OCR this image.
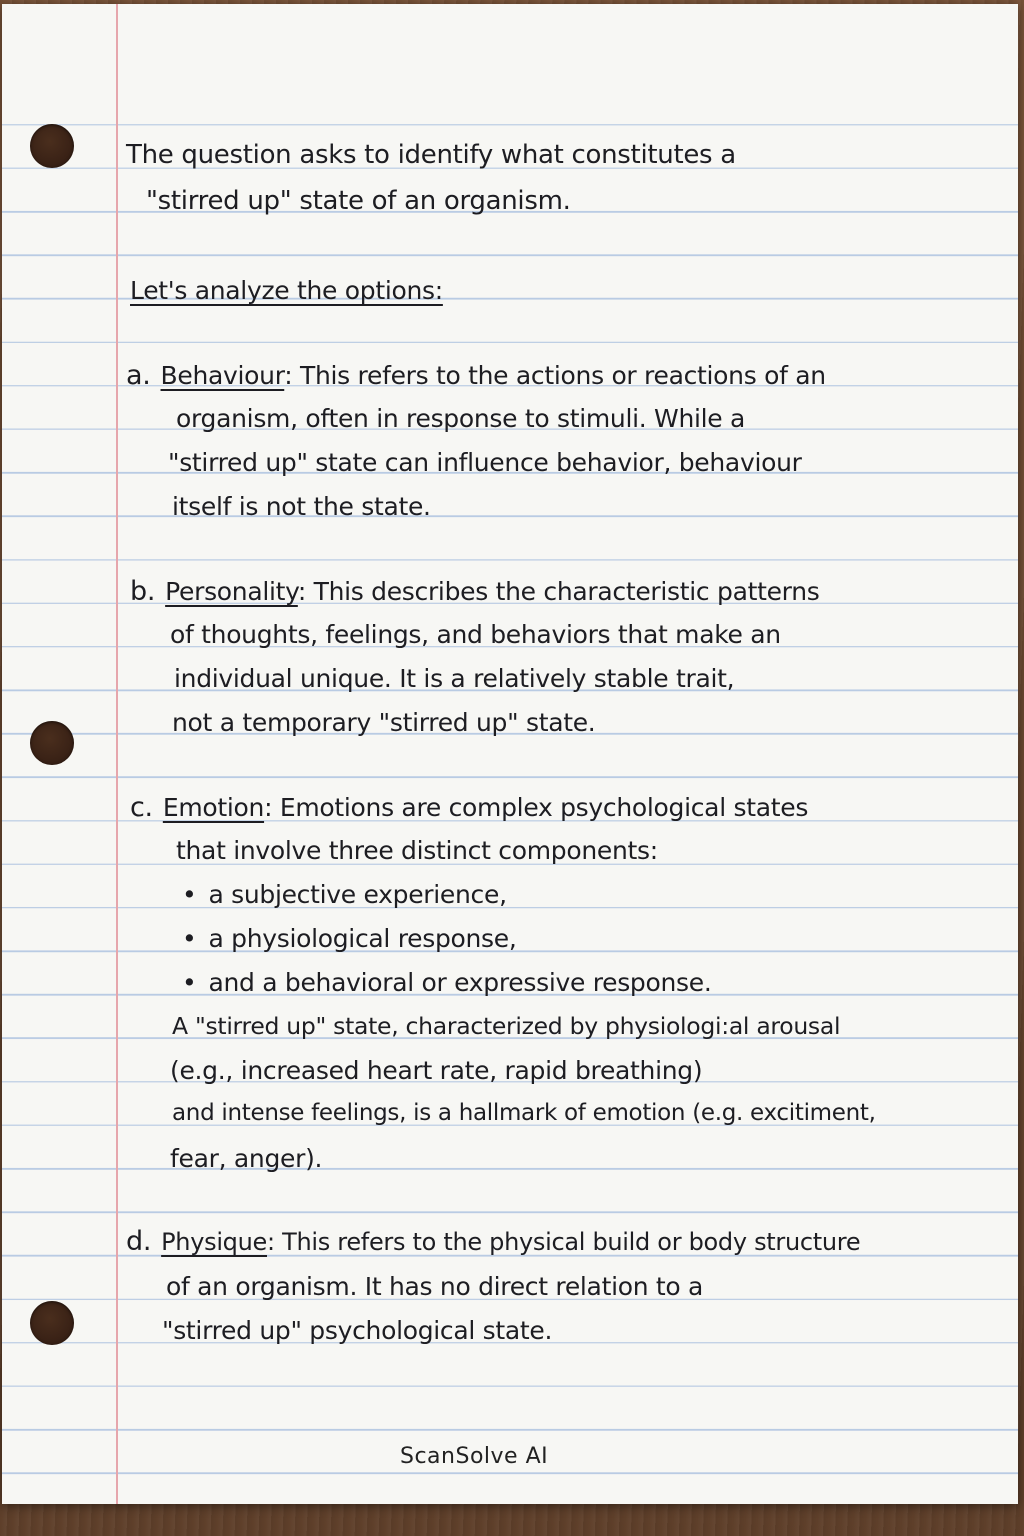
The question asks to identify what constitutes a
"stirred up" state of an organism.
Let's analyze the options:
a. Behaviour: This refers to the actions or reactions of an
organism, often in response to stimuli. While a
"stirred up" state can influence behavior, behaviour
itself is not the state.
b. Personality: This describes the characteristic patterns
of thoughts, feelings, and behaviors that make an
individual unique. It is a relatively stable trait,
not a temporary "stirred up" state.
c. Emotion: Emotions are complex psychological states
that involve three distinct components:
• a subjective experience,
• a physiological response,
• and a behavioral or expressive response.
A "stirred up" state, characterized by physiologi:al arousal
(e.g., increased heart rate, rapid breathing)
and intense feelings, is a hallmark of emotion (e.g. excitiment,
fear, anger).
d. Physique: This refers to the physical build or body structure
of an organism. It has no direct relation to a
"stirred up" psychological state.
ScanSolve AI
